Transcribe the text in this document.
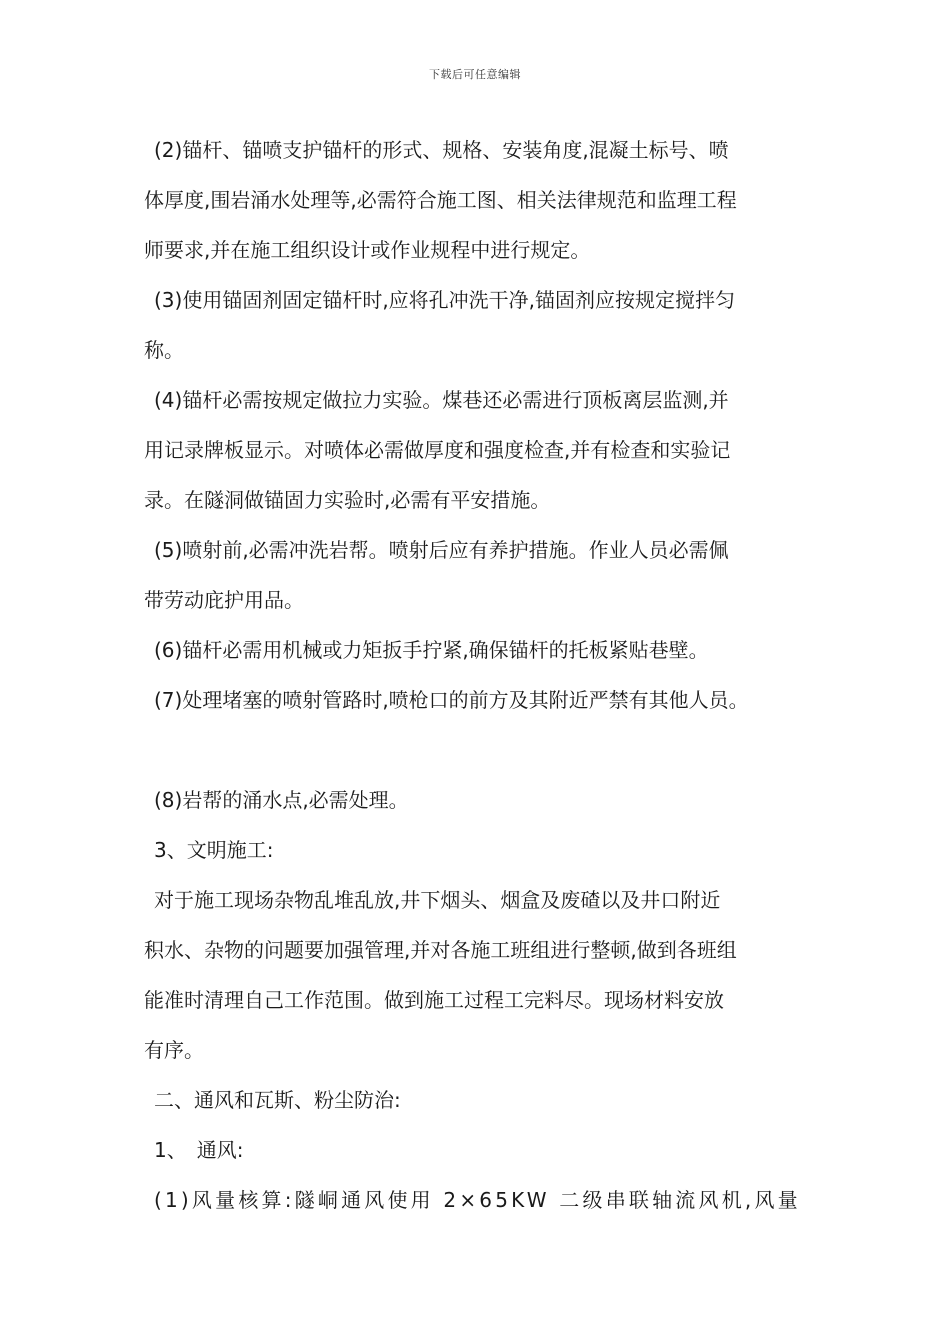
下载后可任意编辑
(2)锚杆、锚喷支护锚杆的形式、规格、安装角度,混凝土标号、喷
体厚度,围岩涌水处理等,必需符合施工图、相关法律规范和监理工程
师要求,并在施工组织设计或作业规程中进行规定。
(3)使用锚固剂固定锚杆时,应将孔冲洗干净,锚固剂应按规定搅拌匀
称。
(4)锚杆必需按规定做拉力实验。煤巷还必需进行顶板离层监测,并
用记录牌板显示。对喷体必需做厚度和强度检查,并有检查和实验记
录。在隧洞做锚固力实验时,必需有平安措施。
(5)喷射前,必需冲洗岩帮。喷射后应有养护措施。作业人员必需佩
带劳动庇护用品。
(6)锚杆必需用机械或力矩扳手拧紧,确保锚杆的托板紧贴巷壁。
(7)处理堵塞的喷射管路时,喷枪口的前方及其附近严禁有其他人员。
(8)岩帮的涌水点,必需处理。
3、文明施工:
对于施工现场杂物乱堆乱放,井下烟头、烟盒及废碴以及井口附近
积水、杂物的问题要加强管理,并对各施工班组进行整顿,做到各班组
能准时清理自己工作范围。做到施工过程工完料尽。现场材料安放
有序。
二、通风和瓦斯、粉尘防治:
1、　通风:
(1)风量核算:隧峒通风使用 2×65KW 二级串联轴流风机,风量
